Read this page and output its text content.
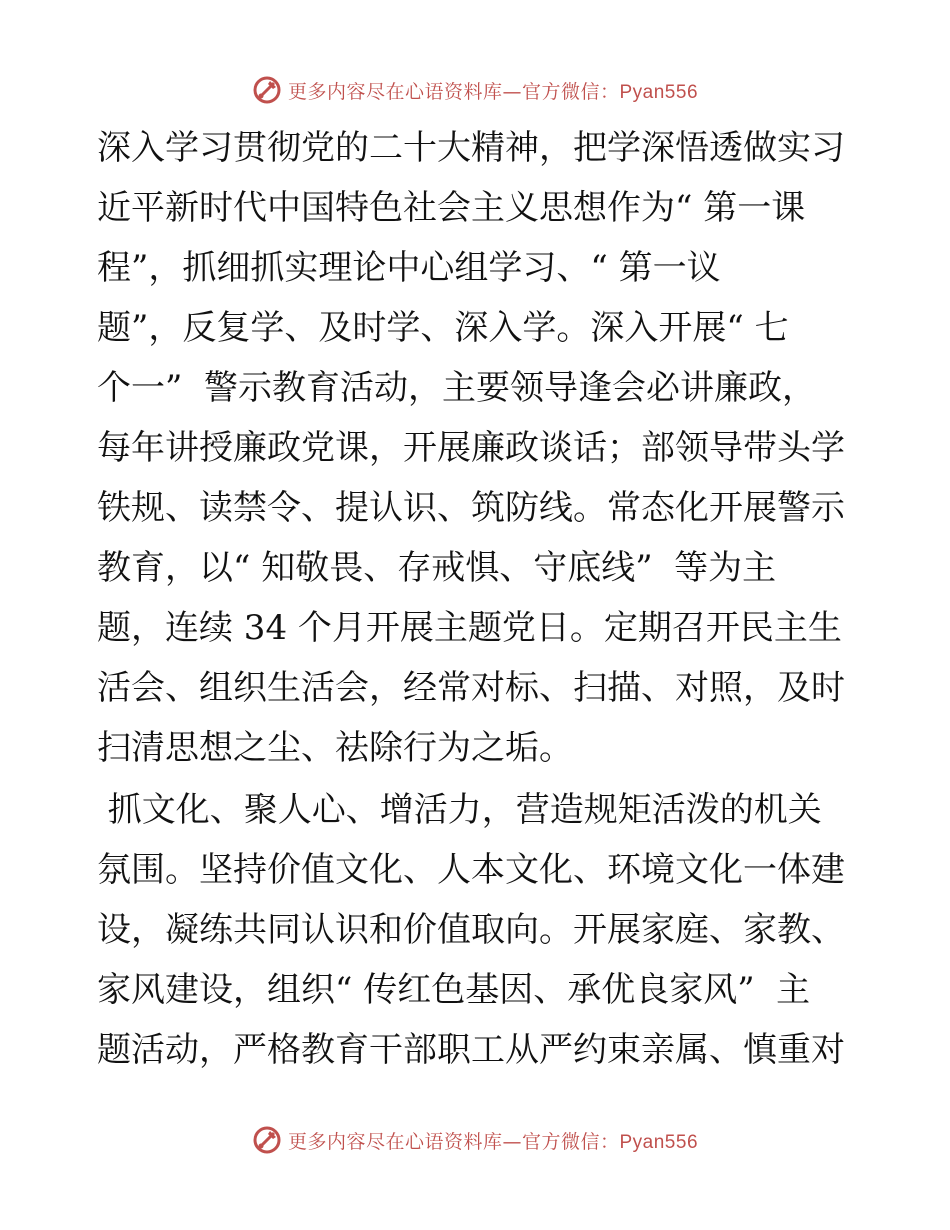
更多内容尽在心语资料库—官方微信：Pyan556
深入学习贯彻党的二十大精神，把学深悟透做实习
近平新时代中国特色社会主义思想作为“ 第一课
程”，抓细抓实理论中心组学习、“ 第一议
题”，反复学、及时学、深入学。深入开展“ 七
个一”  警示教育活动，主要领导逢会必讲廉政，
每年讲授廉政党课，开展廉政谈话；部领导带头学
铁规、读禁令、提认识、筑防线。常态化开展警示
教育，以“ 知敬畏、存戒惧、守底线”  等为主
题，连续 34 个月开展主题党日。定期召开民主生
活会、组织生活会，经常对标、扫描、对照，及时
扫清思想之尘、祛除行为之垢。
抓文化、聚人心、增活力，营造规矩活泼的机关
氛围。坚持价值文化、人本文化、环境文化一体建
设，凝练共同认识和价值取向。开展家庭、家教、
家风建设，组织“ 传红色基因、承优良家风”  主
题活动，严格教育干部职工从严约束亲属、慎重对
更多内容尽在心语资料库—官方微信：Pyan556
